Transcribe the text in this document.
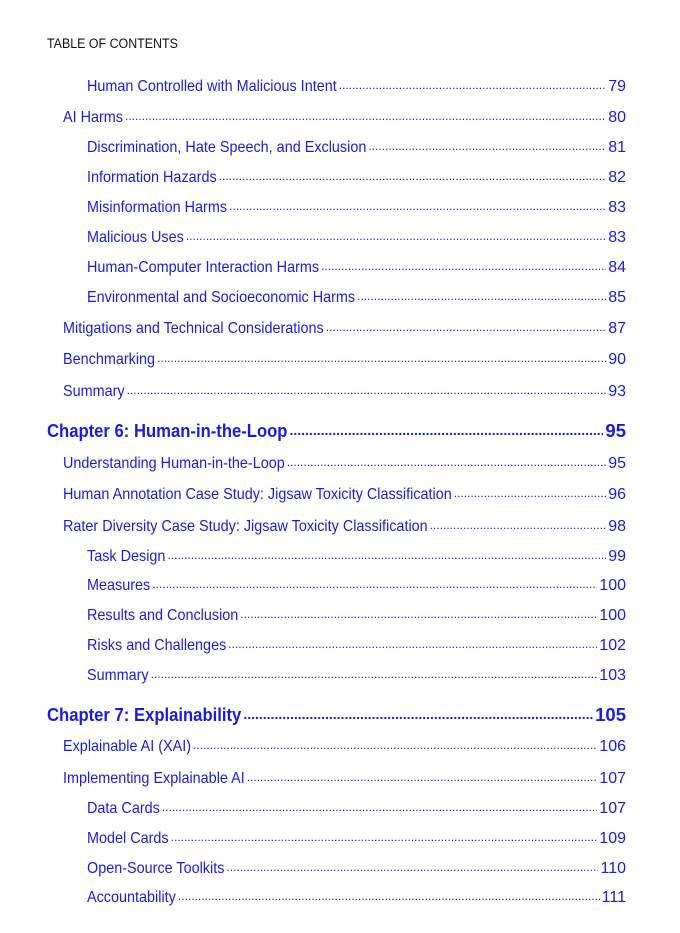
TABLE OF CONTENTS
Human Controlled with Malicious Intent .....	79
AI Harms .....	80
Discrimination, Hate Speech, and Exclusion .....	81
Information Hazards .....	82
Misinformation Harms .....	83
Malicious Uses .....	83
Human-Computer Interaction Harms .....	84
Environmental and Socioeconomic Harms .....	85
Mitigations and Technical Considerations .....	87
Benchmarking .....	90
Summary .....	93
Chapter 6: Human-in-the-Loop .....	95
Understanding Human-in-the-Loop .....	95
Human Annotation Case Study: Jigsaw Toxicity Classification .....	96
Rater Diversity Case Study: Jigsaw Toxicity Classification .....	98
Task Design .....	99
Measures .....	100
Results and Conclusion .....	100
Risks and Challenges .....	102
Summary .....	103
Chapter 7: Explainability .....	105
Explainable AI (XAI) .....	106
Implementing Explainable AI .....	107
Data Cards .....	107
Model Cards .....	109
Open-Source Toolkits .....	110
Accountability .....	111
